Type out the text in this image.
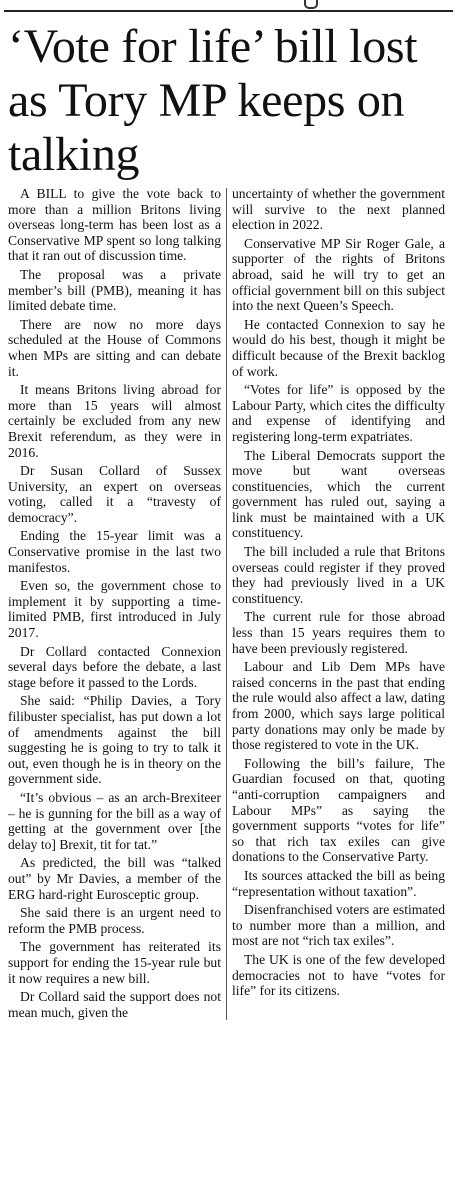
‘Vote for life’ bill lost as Tory MP keeps on talking

A BILL to give the vote back to more than a million Britons living overseas long-term has been lost as a Conservative MP spent so long talking that it ran out of discussion time.

The proposal was a private member’s bill (PMB), meaning it has limited debate time.

There are now no more days scheduled at the House of Commons when MPs are sitting and can debate it.

It means Britons living abroad for more than 15 years will almost certainly be excluded from any new Brexit referendum, as they were in 2016.

Dr Susan Collard of Sussex University, an expert on overseas voting, called it a “travesty of democracy”.

Ending the 15-year limit was a Conservative promise in the last two manifestos.

Even so, the government chose to implement it by supporting a time-limited PMB, first introduced in July 2017.

Dr Collard contacted Connexion several days before the debate, a last stage before it passed to the Lords.

She said: “Philip Davies, a Tory filibuster specialist, has put down a lot of amendments against the bill suggesting he is going to try to talk it out, even though he is in theory on the government side.

“It’s obvious – as an arch-Brexiteer – he is gunning for the bill as a way of getting at the government over [the delay to] Brexit, tit for tat.”

As predicted, the bill was “talked out” by Mr Davies, a member of the ERG hard-right Eurosceptic group.

She said there is an urgent need to reform the PMB process.

The government has reiterated its support for ending the 15-year rule but it now requires a new bill.

Dr Collard said the support does not mean much, given the

uncertainty of whether the government will survive to the next planned election in 2022.

Conservative MP Sir Roger Gale, a supporter of the rights of Britons abroad, said he will try to get an official government bill on this subject into the next Queen’s Speech.

He contacted Connexion to say he would do his best, though it might be difficult because of the Brexit backlog of work.

“Votes for life” is opposed by the Labour Party, which cites the difficulty and expense of identifying and registering long-term expatriates.

The Liberal Democrats support the move but want overseas constituencies, which the current government has ruled out, saying a link must be maintained with a UK constituency.

The bill included a rule that Britons overseas could register if they proved they had previously lived in a UK constituency.

The current rule for those abroad less than 15 years requires them to have been previously registered.

Labour and Lib Dem MPs have raised concerns in the past that ending the rule would also affect a law, dating from 2000, which says large political party donations may only be made by those registered to vote in the UK.

Following the bill’s failure, The Guardian focused on that, quoting “anti-corruption campaigners and Labour MPs” as saying the government supports “votes for life” so that rich tax exiles can give donations to the Conservative Party.

Its sources attacked the bill as being “representation without taxation”.

Disenfranchised voters are estimated to number more than a million, and most are not “rich tax exiles”.

The UK is one of the few developed democracies not to have “votes for life” for its citizens.
